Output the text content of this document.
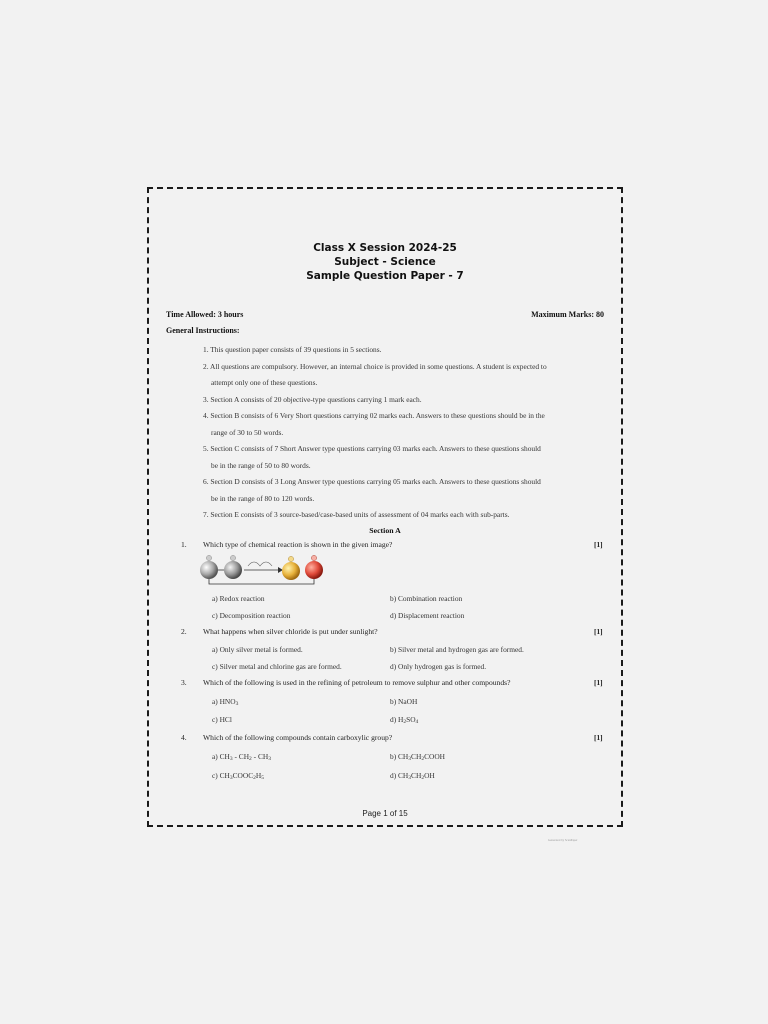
Class X Session 2024-25
Subject - Science
Sample Question Paper - 7
Time Allowed: 3 hours	Maximum Marks: 80
General Instructions:
1. This question paper consists of 39 questions in 5 sections.
2. All questions are compulsory. However, an internal choice is provided in some questions. A student is expected to
attempt only one of these questions.
3. Section A consists of 20 objective-type questions carrying 1 mark each.
4. Section B consists of 6 Very Short questions carrying 02 marks each. Answers to these questions should be in the
range of 30 to 50 words.
5. Section C consists of 7 Short Answer type questions carrying 03 marks each. Answers to these questions should
be in the range of 50 to 80 words.
6. Section D consists of 3 Long Answer type questions carrying 05 marks each. Answers to these questions should
be in the range of 80 to 120 words.
7. Section E consists of 3 source-based/case-based units of assessment of 04 marks each with sub-parts.
Section A
1. Which type of chemical reaction is shown in the given image?	[1]
a) Redox reaction	b) Combination reaction
c) Decomposition reaction	d) Displacement reaction
2. What happens when silver chloride is put under sunlight?	[1]
a) Only silver metal is formed.	b) Silver metal and hydrogen gas are formed.
c) Silver metal and chlorine gas are formed.	d) Only hydrogen gas is formed.
3. Which of the following is used in the refining of petroleum to remove sulphur and other compounds?	[1]
a) $HNO_3$	b) NaOH
c) HCl	d) $H_2SO_4$
4. Which of the following compounds contain carboxylic group?	[1]
a) $CH_3 - CH_2 - CH_3$	b) $CH_3CH_2COOH$
c) $CH_3COOC_2H_5$	d) $CH_3CH_2OH$
Page 1 of 15
Generated by ScanPaper
